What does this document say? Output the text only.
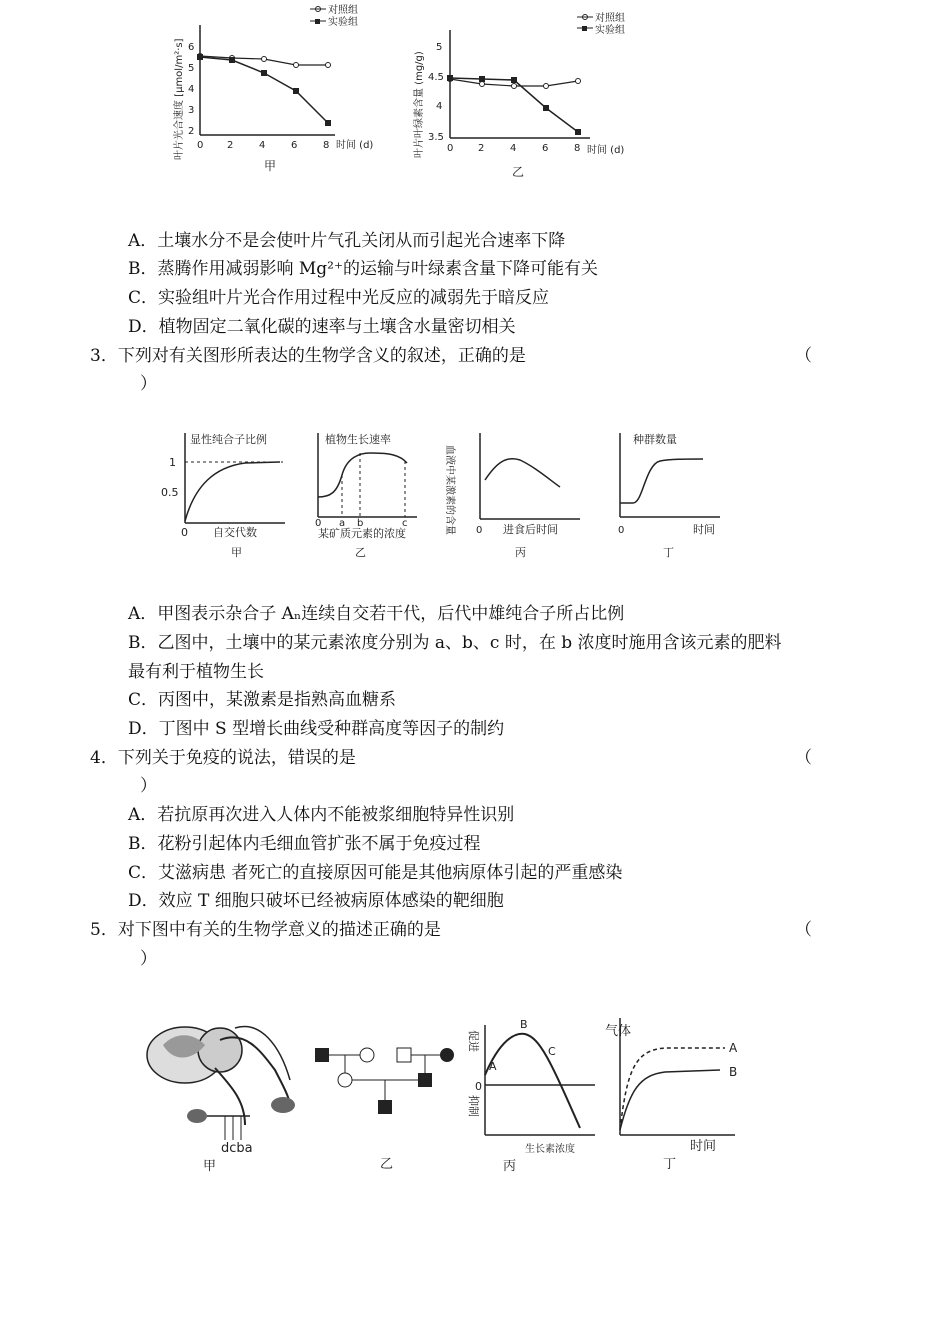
2
3
4
5
6
0 2	4	6	8 时间 (d)
叶片光合速度 [μmol/m²·s]
甲
对照组
实验组
3.5
4
4.5
5
0 2	4	6	8 时间 (d)
叶片叶绿素含量 (mg/g)
乙
对照组
实验组
A．土壤水分不是会使叶片气孔关闭从而引起光合速率下降
B．蒸腾作用减弱影响 Mg²⁺的运输与叶绿素含量下降可能有关
C．实验组叶片光合作用过程中光反应的减弱先于暗反应
D．植物固定二氧化碳的速率与土壤含水量密切相关
3．下列对有关图形所表达的生物学含义的叙述，正确的是	（
）
显性纯合子比例
1
0.5
0 自交代数
甲
植物生长速率
0 a b	c
某矿质元素的浓度
乙
血液中某激素的含量 0 进食后时间
丙
种群数量
0	时间
丁
A．甲图表示杂合子 Aₙ连续自交若干代，后代中雄纯合子所占比例
B．乙图中，土壤中的某元素浓度分别为 a、b、c 时，在 b 浓度时施用含该元素的肥料
最有利于植物生长
C．丙图中，某激素是指熟高血糖系
D．丁图中 S 型增长曲线受种群高度等因子的制约
4．下列关于免疫的说法，错误的是	（
）
A．若抗原再次进入人体内不能被浆细胞特异性识别
B．花粉引起体内毛细血管扩张不属于免疫过程
C．艾滋病患 者死亡的直接原因可能是其他病原体引起的严重感染
D．效应 T 细胞只破坏已经被病原体感染的靶细胞
5．对下图中有关的生物学意义的描述正确的是	（
）
dcba
甲	乙
促进
抑制
0
A
B
C
生长素浓度
丙
气体
A
B
时间
丁
